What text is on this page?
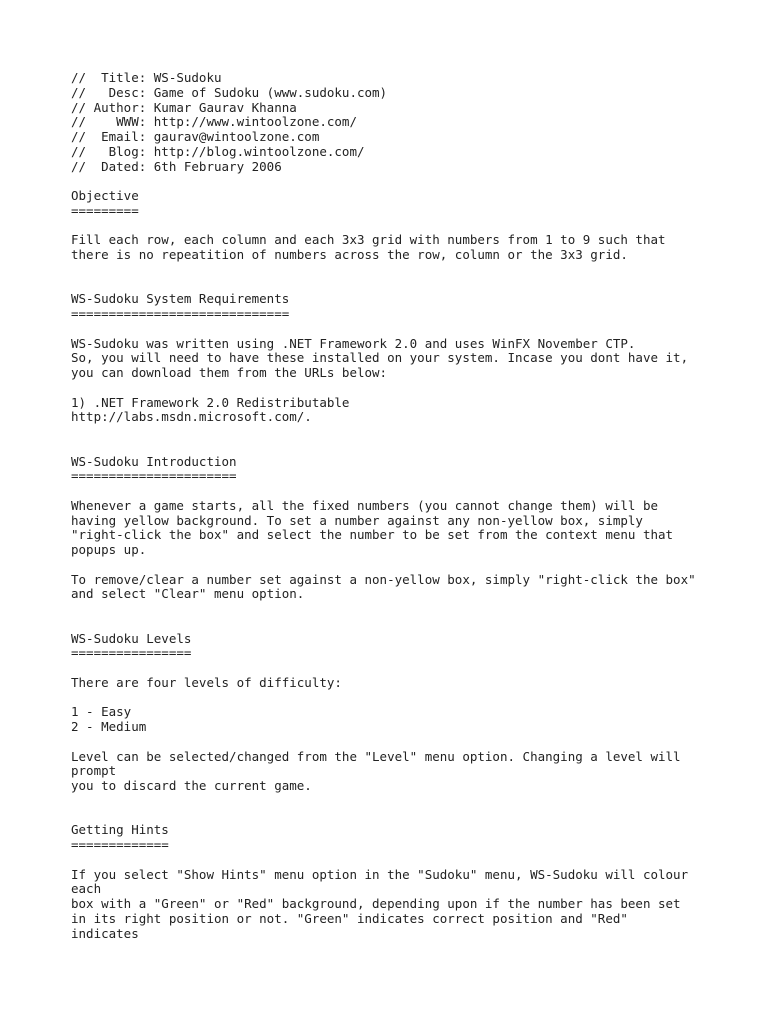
//  Title: WS-Sudoku
//   Desc: Game of Sudoku (www.sudoku.com)
// Author: Kumar Gaurav Khanna
//    WWW: http://www.wintoolzone.com/
//  Email: gaurav@wintoolzone.com
//   Blog: http://blog.wintoolzone.com/
//  Dated: 6th February 2006
Objective
=========
Fill each row, each column and each 3x3 grid with numbers from 1 to 9 such that
there is no repeatition of numbers across the row, column or the 3x3 grid.
WS-Sudoku System Requirements
=============================
WS-Sudoku was written using .NET Framework 2.0 and uses WinFX November CTP.
So, you will need to have these installed on your system. Incase you dont have it,
you can download them from the URLs below:
1) .NET Framework 2.0 Redistributable
http://labs.msdn.microsoft.com/.
WS-Sudoku Introduction
======================
Whenever a game starts, all the fixed numbers (you cannot change them) will be
having yellow background. To set a number against any non-yellow box, simply
"right-click the box" and select the number to be set from the context menu that
popups up.
To remove/clear a number set against a non-yellow box, simply "right-click the box"
and select "Clear" menu option.
WS-Sudoku Levels
================
There are four levels of difficulty:
1 - Easy
2 - Medium
Level can be selected/changed from the "Level" menu option. Changing a level will
prompt
you to discard the current game.
Getting Hints
=============
If you select "Show Hints" menu option in the "Sudoku" menu, WS-Sudoku will colour
each
box with a "Green" or "Red" background, depending upon if the number has been set
in its right position or not. "Green" indicates correct position and "Red"
indicates
